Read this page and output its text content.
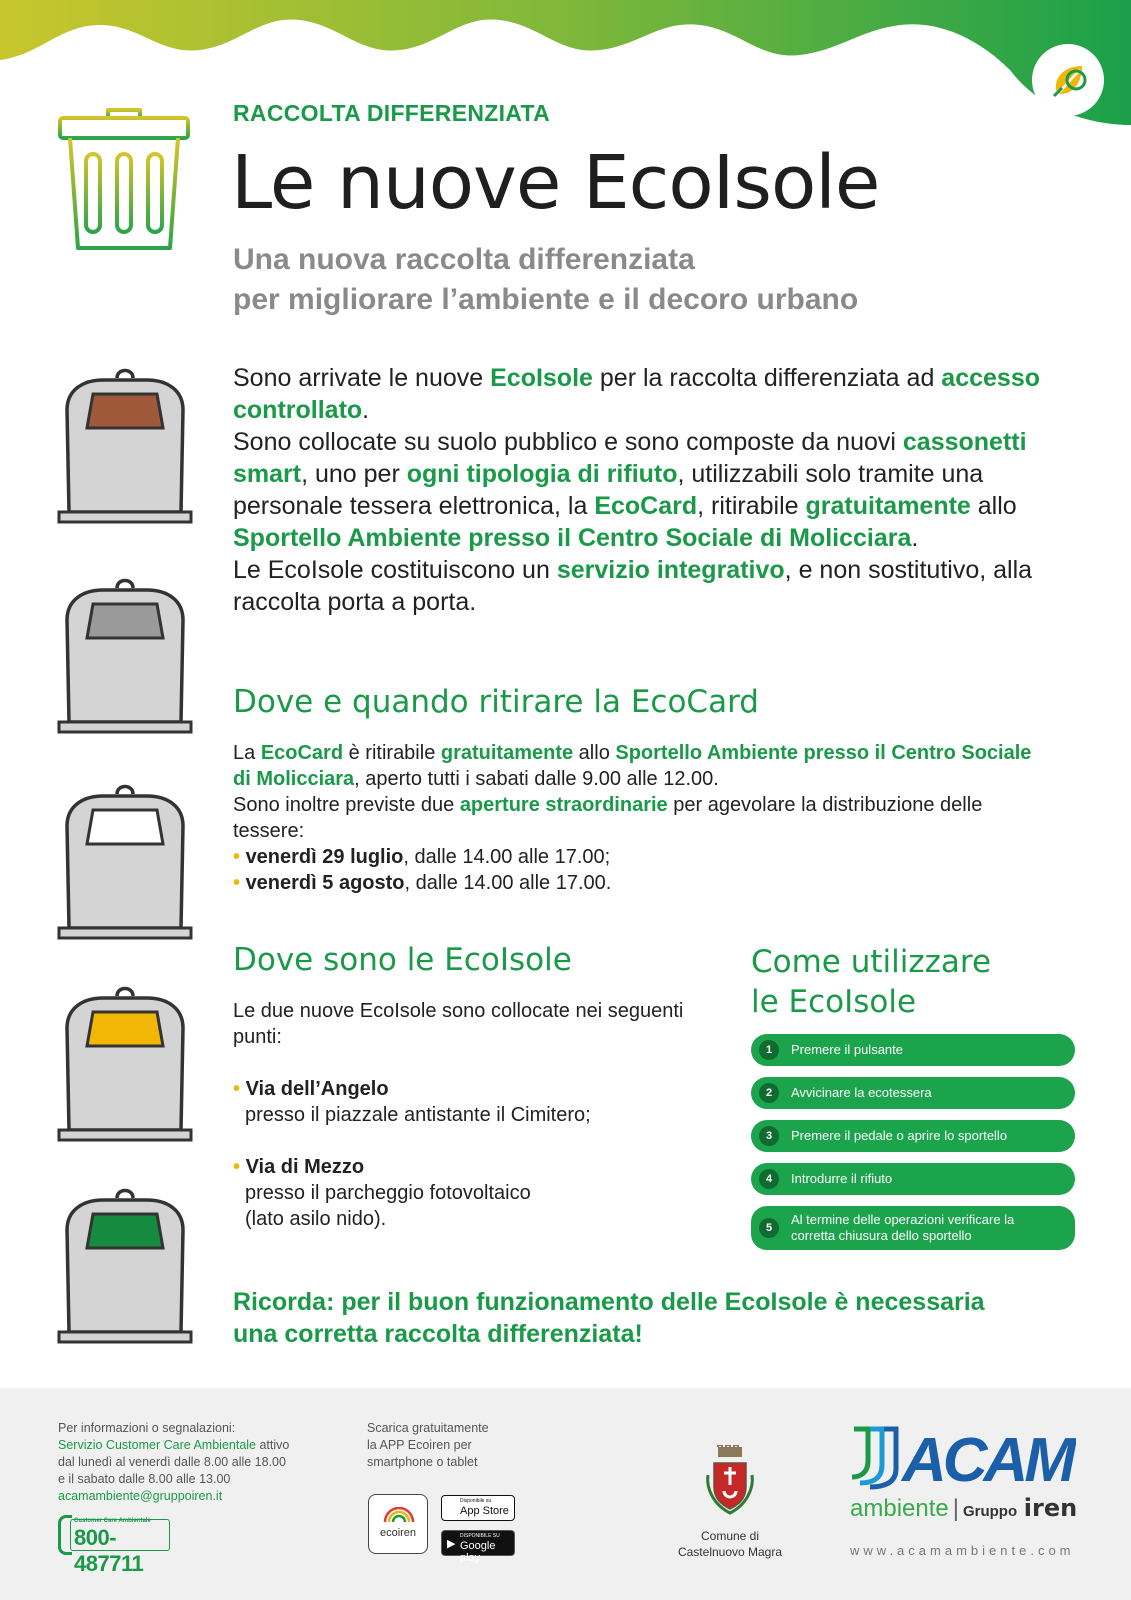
RACCOLTA DIFFERENZIATA
Le nuove EcoIsole
Una nuova raccolta differenziata
per migliorare l’ambiente e il decoro urbano

Sono arrivate le nuove EcoIsole per la raccolta differenziata ad accesso controllato.

Sono collocate su suolo pubblico e sono composte da nuovi cassonetti smart, uno per ogni tipologia di rifiuto, utilizzabili solo tramite una personale tessera elettronica, la EcoCard, ritirabile gratuitamente allo Sportello Ambiente presso il Centro Sociale di Molicciara.

Le EcoIsole costituiscono un servizio integrativo, e non sostitutivo, alla raccolta porta a porta.

Dove e quando ritirare la EcoCard
La EcoCard è ritirabile gratuitamente allo Sportello Ambiente presso il Centro Sociale di Molicciara, aperto tutti i sabati dalle 9.00 alle 12.00.
Sono inoltre previste due aperture straordinarie per agevolare la distribuzione delle tessere:
• venerdì 29 luglio, dalle 14.00 alle 17.00;
• venerdì 5 agosto, dalle 14.00 alle 17.00.
Dove sono le EcoIsole
Le due nuove EcoIsole sono collocate nei seguenti punti:
• Via dell’Angelo
presso il piazzale antistante il Cimitero;
• Via di Mezzo
presso il parcheggio fotovoltaico
(lato asilo nido).
Come utilizzare
le EcoIsole
1	Premere il pulsante
2	Avvicinare la ecotessera
3	Premere il pedale o aprire lo sportello
4	Introdurre il rifiuto
5
Al termine delle operazioni verificare la corretta chiusura dello sportello
Ricorda: per il buon funzionamento delle EcoIsole è necessaria
una corretta raccolta differenziata!
Per informazioni o segnalazioni:
Servizio Customer Care Ambientale attivo
dal lunedì al venerdì dalle 8.00 alle 18.00
e il sabato dalle 8.00 alle 13.00
acamambiente@gruppoiren.it
Customer Care Ambientale
800-487711
Scarica gratuitamente
la APP Ecoiren per
smartphone o tablet
ecoiren
Disponibile su
App Store
▶
DISPONIBILE SU
Google play
Comune di
Castelnuovo Magra
ACAM
ambiente | Gruppo iren
www.acamambiente.com
